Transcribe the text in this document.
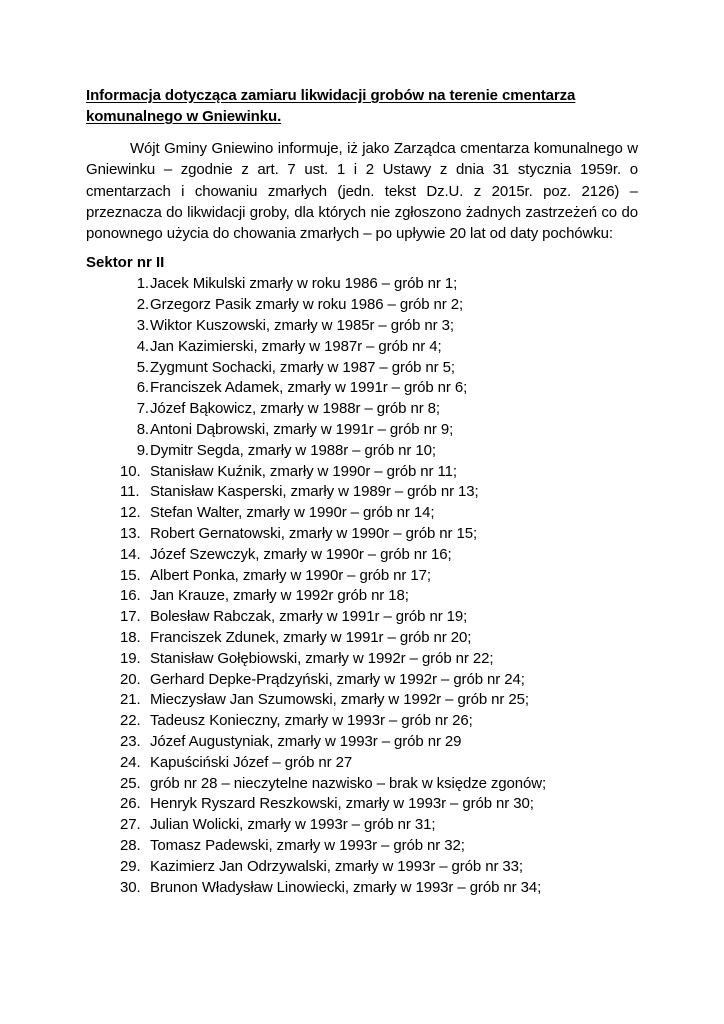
Informacja dotycząca zamiaru likwidacji grobów na terenie cmentarza komunalnego w Gniewinku.

Wójt Gminy Gniewino informuje, iż jako Zarządca cmentarza komunalnego w Gniewinku – zgodnie z art. 7 ust. 1 i 2 Ustawy z dnia 31 stycznia 1959r. o cmentarzach i chowaniu zmarłych (jedn. tekst Dz.U. z 2015r. poz. 2126) – przeznacza do likwidacji groby, dla których nie zgłoszono żadnych zastrzeżeń co do ponownego użycia do chowania zmarłych – po upływie 20 lat od daty pochówku:

Sektor nr II

1. Jacek Mikulski zmarły w roku 1986 – grób nr 1;
2. Grzegorz Pasik zmarły w roku 1986 – grób nr 2;
3. Wiktor Kuszowski, zmarły w 1985r – grób nr 3;
4. Jan Kazimierski, zmarły w 1987r – grób nr 4;
5. Zygmunt Sochacki, zmarły w 1987 – grób nr 5;
6. Franciszek Adamek, zmarły w 1991r – grób nr 6;
7. Józef Bąkowicz, zmarły w 1988r – grób nr 8;
8. Antoni Dąbrowski, zmarły w 1991r – grób nr 9;
9. Dymitr Segda, zmarły w 1988r – grób nr 10;
10. Stanisław Kuźnik, zmarły w 1990r – grób nr 11;
11. Stanisław Kasperski, zmarły w 1989r – grób nr 13;
12. Stefan Walter, zmarły w 1990r – grób nr 14;
13. Robert Gernatowski, zmarły w 1990r – grób nr 15;
14. Józef Szewczyk, zmarły w 1990r – grób nr 16;
15. Albert Ponka, zmarły w 1990r – grób nr 17;
16. Jan Krauze, zmarły w 1992r grób nr 18;
17. Bolesław Rabczak, zmarły w 1991r – grób nr 19;
18. Franciszek Zdunek, zmarły w 1991r – grób nr 20;
19. Stanisław Gołębiowski, zmarły w 1992r – grób nr 22;
20. Gerhard Depke-Prądzyński, zmarły w 1992r – grób nr 24;
21. Mieczysław Jan Szumowski, zmarły w 1992r – grób nr 25;
22. Tadeusz Konieczny, zmarły w 1993r – grób nr 26;
23. Józef Augustyniak, zmarły w 1993r – grób nr 29
24. Kapuściński Józef – grób nr 27
25. grób nr 28 – nieczytelne nazwisko – brak w księdze zgonów;
26. Henryk Ryszard Reszkowski, zmarły w 1993r – grób nr 30;
27. Julian Wolicki, zmarły w 1993r – grób nr 31;
28. Tomasz Padewski, zmarły w 1993r – grób nr 32;
29. Kazimierz Jan Odrzywalski, zmarły w 1993r – grób nr 33;
30. Brunon Władysław Linowiecki, zmarły w 1993r – grób nr 34;
